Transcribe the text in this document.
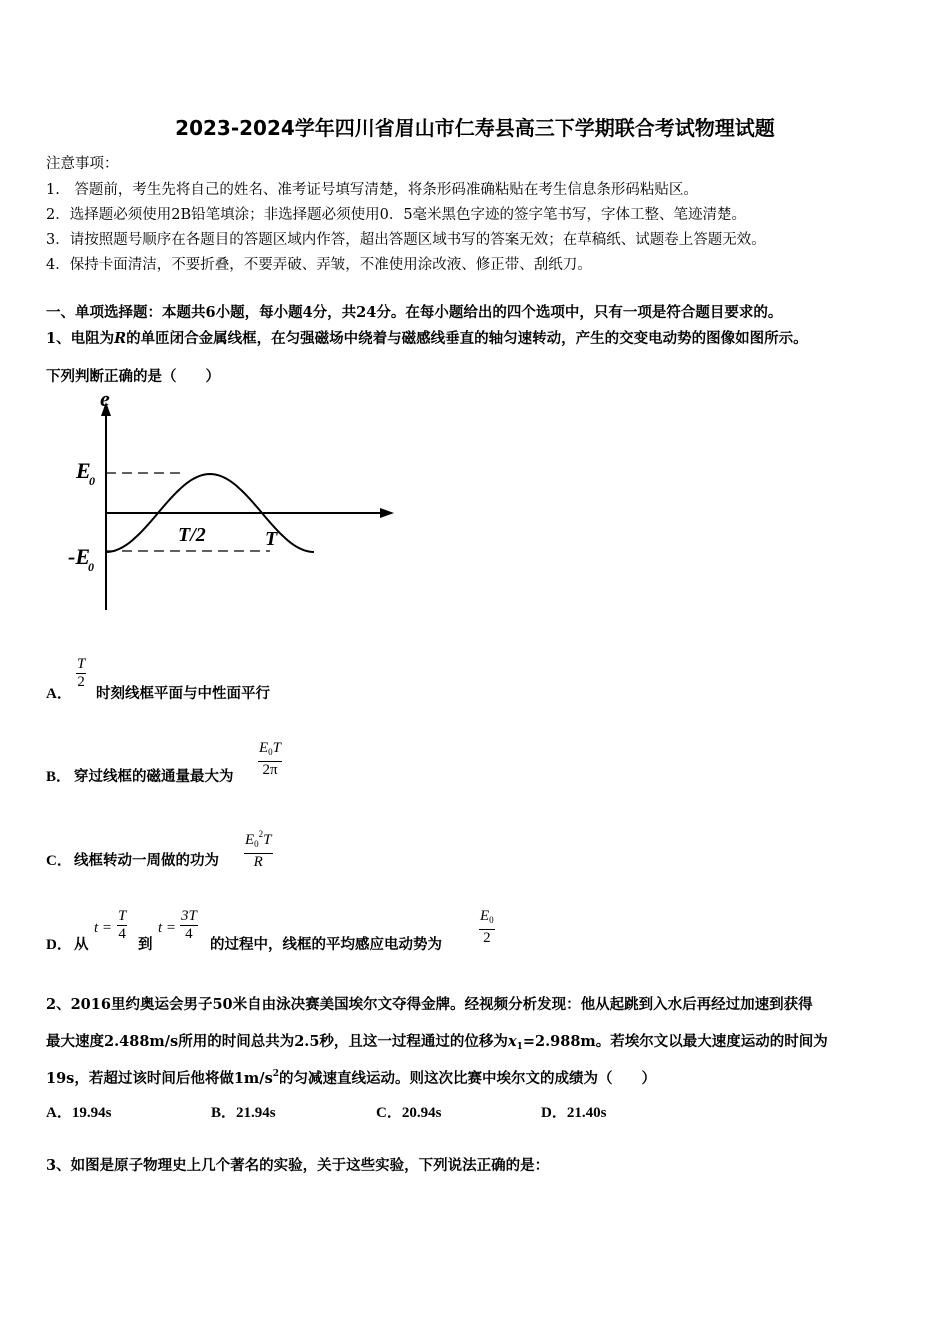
2023-2024学年四川省眉山市仁寿县高三下学期联合考试物理试题
注意事项：
1.　答题前，考生先将自己的姓名、准考证号填写清楚，将条形码准确粘贴在考生信息条形码粘贴区。
2．选择题必须使用2B铅笔填涂；非选择题必须使用0．5毫米黑色字迹的签字笔书写，字体工整、笔迹清楚。
3．请按照题号顺序在各题目的答题区域内作答，超出答题区域书写的答案无效；在草稿纸、试题卷上答题无效。
4．保持卡面清洁，不要折叠，不要弄破、弄皱，不准使用涂改液、修正带、刮纸刀。
一、单项选择题：本题共6小题，每小题4分，共24分。在每小题给出的四个选项中，只有一项是符合题目要求的。
1、电阻为R的单匝闭合金属线框，在匀强磁场中绕着与磁感线垂直的轴匀速转动，产生的交变电动势的图像如图所示。
下列判断正确的是（　　）
e
E
0
-E
0
T/2	T
A．
$\frac{T}{2}$
时刻线框平面与中性面平行
B． 穿过线框的磁通量最大为 $\frac{E_0T}{2\pi}$
C． 线框转动一周做的功为 $\frac{E_0^2T}{R}$
D． 从
$t = \frac{T}{4}$
到
$t = \frac{3T}{4}$
的过程中，线框的平均感应电动势为 $\frac{E_0}{2}$
2、2016里约奥运会男子50米自由泳决赛美国埃尔文夺得金牌。经视频分析发现：他从起跳到入水后再经过加速到获得
最大速度2.488m/s所用的时间总共为2.5秒，且这一过程通过的位移为$x_1=2.988m$。若埃尔文以最大速度运动的时间为
19s，若超过该时间后他将做$1m/s^2$的匀减速直线运动。则这次比赛中埃尔文的成绩为（　　）
A．19.94s	B．21.94s	C．20.94s	D．21.40s
3、如图是原子物理史上几个著名的实验，关于这些实验，下列说法正确的是：
